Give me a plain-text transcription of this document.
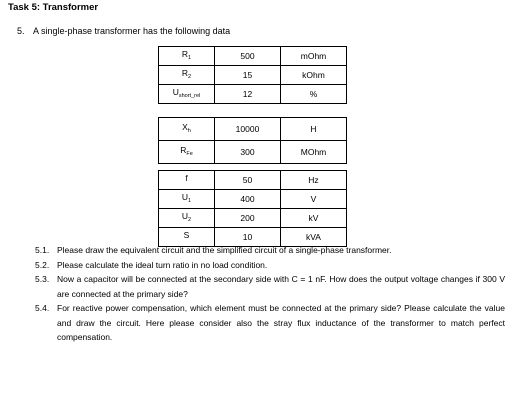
Task 5: Transformer
5. A single-phase transformer has the following data
$R_1$	500	mOhm
$R_2$	15	kOhm
$U_{short\_rel}$	12	%
$X_h$	10000	H
$R_{Fe}$	300	MOhm
f	50	Hz
$U_1$	400	V
$U_2$	200	kV
S	10	kVA
5.1. Please draw the equivalent circuit and the simplified circuit of a single-phase transformer.
5.2. Please calculate the ideal turn ratio in no load condition.
5.3. Now a capacitor will be connected at the secondary side with C = 1 nF. How does the output voltage changes if 300 V are connected at the primary side?
5.4. For reactive power compensation, which element must be connected at the primary side? Please calculate the value and draw the circuit. Here please consider also the stray flux inductance of the transformer to match perfect compensation.
